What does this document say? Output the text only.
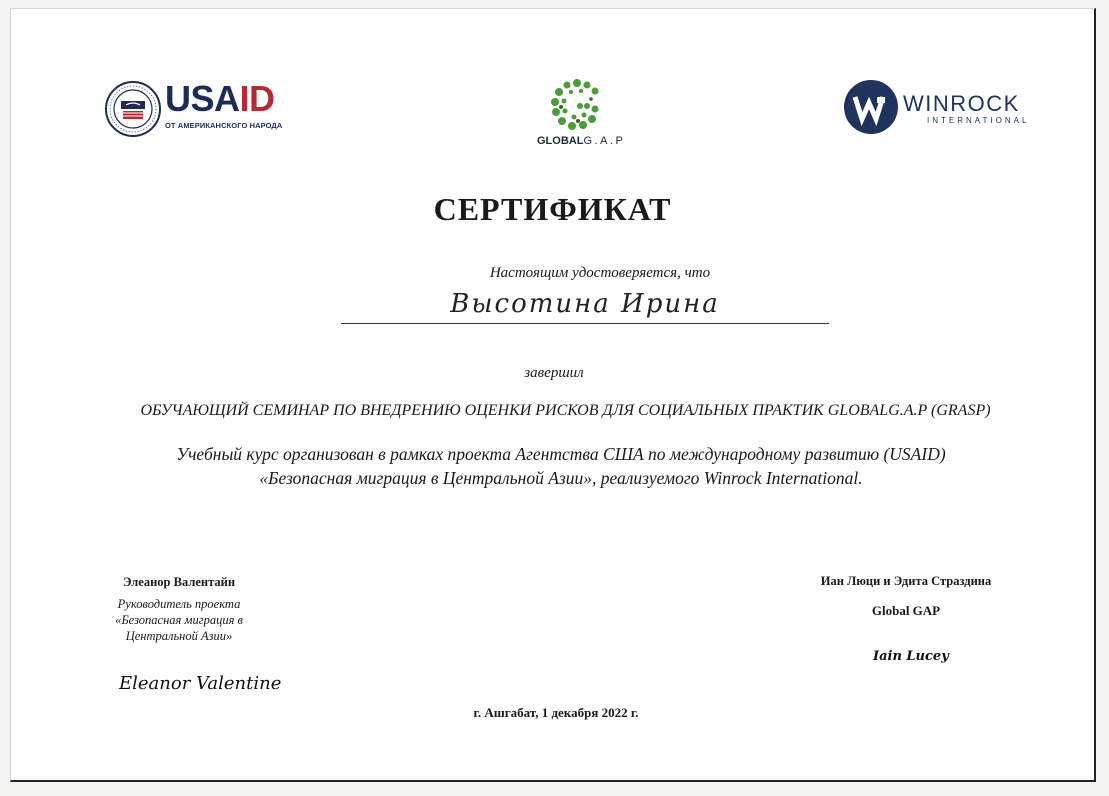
USAID
ОТ АМЕРИКАНСКОГО НАРОДА
GLOBALG.A.P
WINROCK
INTERNATIONAL
СЕРТИФИКАТ
Настоящим удостоверяется, что
Высотина Ирина
завершил
ОБУЧАЮЩИЙ СЕМИНАР ПО ВНЕДРЕНИЮ ОЦЕНКИ РИСКОВ ДЛЯ СОЦИАЛЬНЫХ ПРАКТИК GLOBALG.A.P (GRASP)
Учебный курс организован в рамках проекта Агентства США по международному развитию (USAID)
«Безопасная миграция в Центральной Азии», реализуемого Winrock International.
Элеанор Валентайн
Руководитель проекта
«Безопасная миграция в
Центральной Азии»
Eleanor Valentine
Иан Люци и Эдита Страздина
Global GAP
Iain Lucey
г. Ашгабат, 1 декабря 2022 г.
